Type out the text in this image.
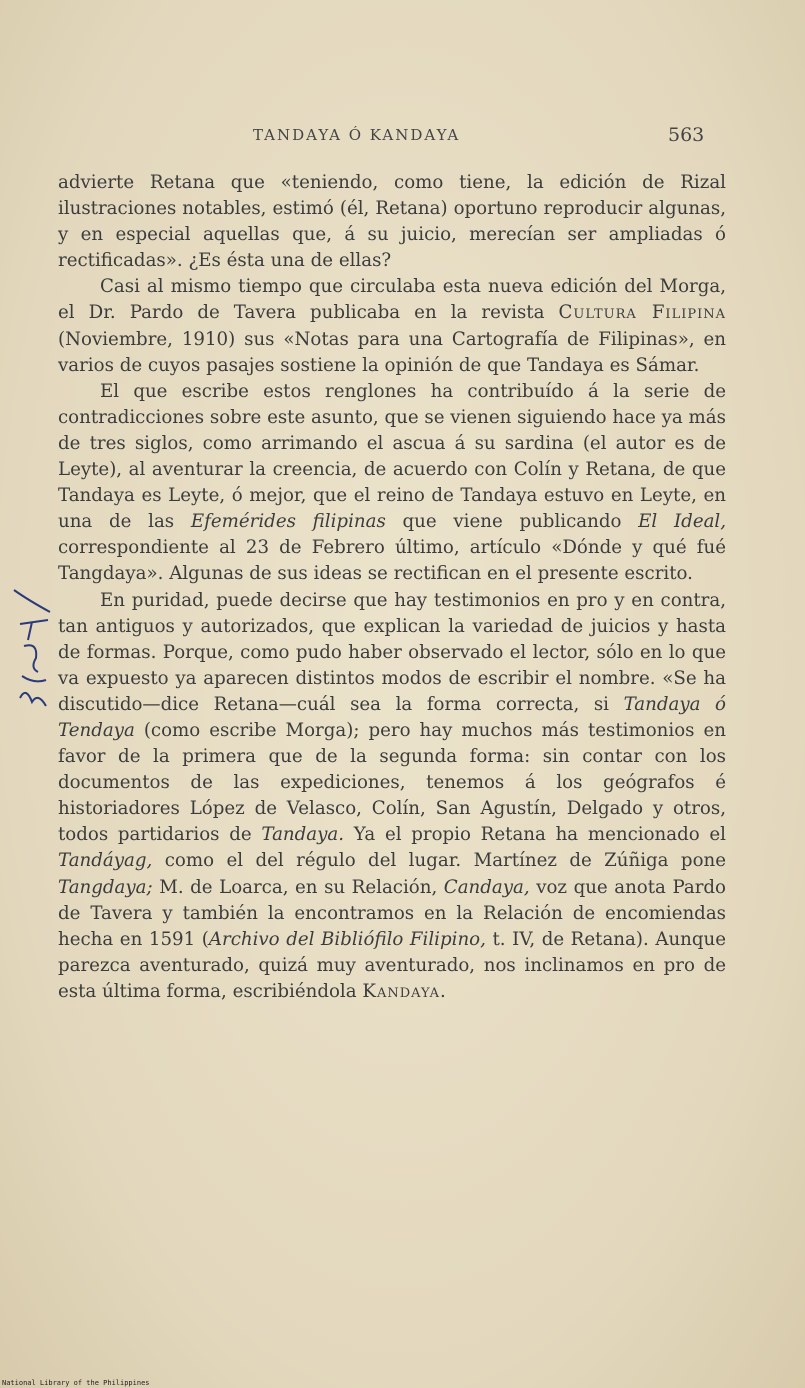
TANDAYA Ó KANDAYA	563

advierte Retana que «teniendo, como tiene, la edición de Rizal ilustraciones notables, estimó (él, Retana) oportuno reproducir algunas, y en especial aquellas que, á su juicio, merecían ser ampliadas ó rectificadas». ¿Es ésta una de ellas?

Casi al mismo tiempo que circulaba esta nueva edición del Morga, el Dr. Pardo de Tavera publicaba en la revista Cultura Filipina (Noviembre, 1910) sus «Notas para una Cartografía de Filipinas», en varios de cuyos pasajes sostiene la opinión de que Tandaya es Sámar.

El que escribe estos renglones ha contribuído á la serie de contradicciones sobre este asunto, que se vienen siguiendo hace ya más de tres siglos, como arrimando el ascua á su sardina (el autor es de Leyte), al aventurar la creencia, de acuerdo con Colín y Retana, de que Tandaya es Leyte, ó mejor, que el reino de Tandaya estuvo en Leyte, en una de las Efemérides filipinas que viene publicando El Ideal, correspondiente al 23 de Febrero último, artículo «Dónde y qué fué Tangdaya». Algunas de sus ideas se rectifican en el presente escrito.

En puridad, puede decirse que hay testimonios en pro y en contra, tan antiguos y autorizados, que explican la variedad de juicios y hasta de formas. Porque, como pudo haber observado el lector, sólo en lo que va expuesto ya aparecen distintos modos de escribir el nombre. «Se ha discutido—dice Retana—cuál sea la forma correcta, si Tandaya ó Tendaya (como escribe Morga); pero hay muchos más testimonios en favor de la primera que de la segunda forma: sin contar con los documentos de las expediciones, tenemos á los geógrafos é historiadores López de Velasco, Colín, San Agustín, Delgado y otros, todos partidarios de Tandaya. Ya el propio Retana ha mencionado el Tandáyag, como el del régulo del lugar. Martínez de Zúñiga pone Tangdaya; M. de Loarca, en su Relación, Candaya, voz que anota Pardo de Tavera y también la encontramos en la Relación de encomiendas hecha en 1591 (Archivo del Bibliófilo Filipino, t. IV, de Retana). Aunque parezca aventurado, quizá muy aventurado, nos inclinamos en pro de esta última forma, escribiéndola Kandaya.

National Library of the Philippines
